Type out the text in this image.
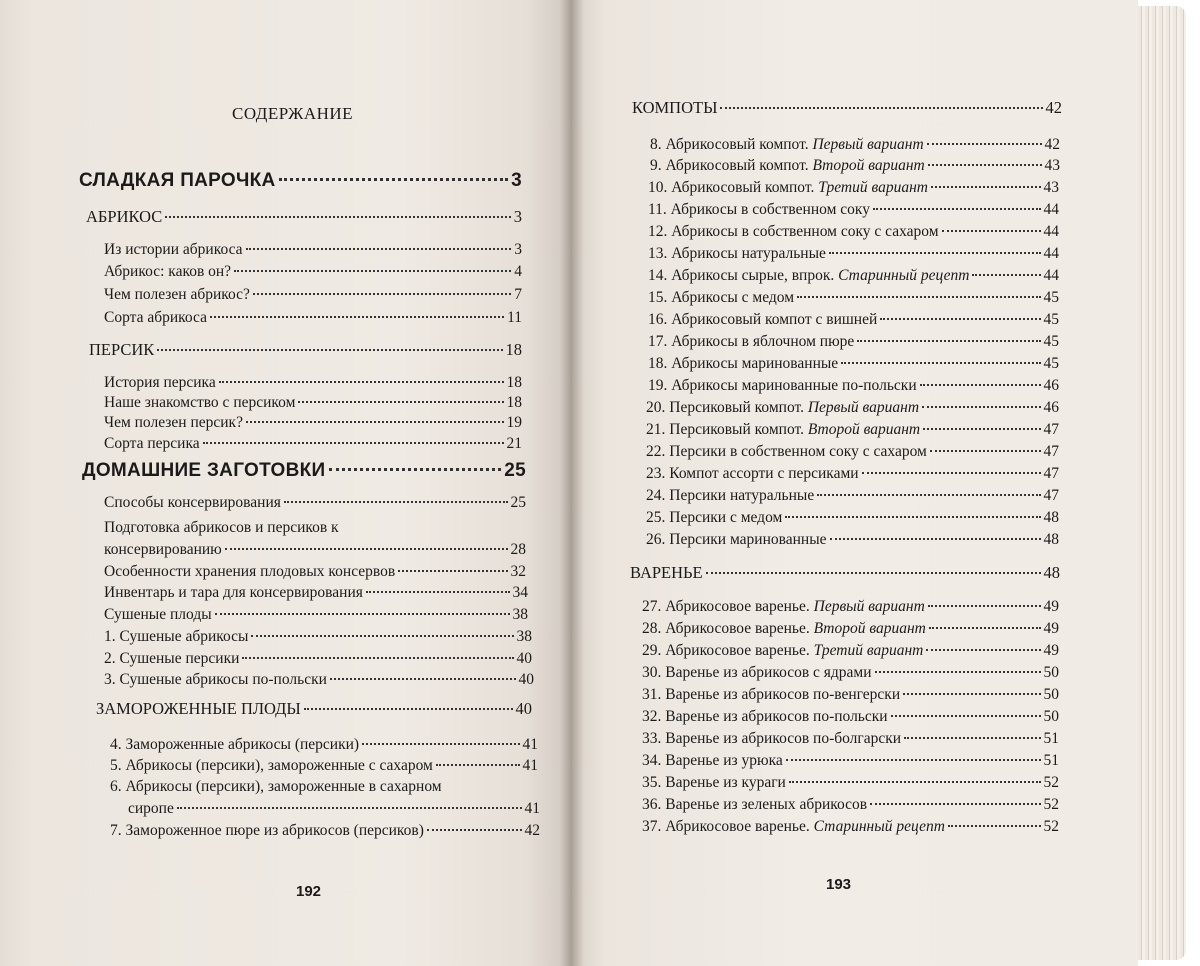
СОДЕРЖАНИЕ
СЛАДКАЯ ПАРОЧКА	3
АБРИКОС	3
Из истории абрикоса	3
Абрикос: каков он?	4
Чем полезен абрикос?	7
Сорта абрикоса	11
ПЕРСИК	18
История персика	18
Наше знакомство с персиком	18
Чем полезен персик?	19
Сорта персика	21
ДОМАШНИЕ ЗАГОТОВКИ	25
Способы консервирования	25
Подготовка абрикосов и персиков к
консервированию	28
Особенности хранения плодовых консервов	32
Инвентарь и тара для консервирования	34
Сушеные плоды	38
1. Сушеные абрикосы	38
2. Сушеные персики	40
3. Сушеные абрикосы по-польски	40
ЗАМОРОЖЕННЫЕ ПЛОДЫ	40
4. Замороженные абрикосы (персики)	41
5. Абрикосы (персики), замороженные с сахаром	41
6. Абрикосы (персики), замороженные в сахарном
сиропе	41
7. Замороженное пюре из абрикосов (персиков)	42
192
КОМПОТЫ	42
8. Абрикосовый компот. Первый вариант	42
9. Абрикосовый компот. Второй вариант	43
10. Абрикосовый компот. Третий вариант	43
11. Абрикосы в собственном соку	44
12. Абрикосы в собственном соку с сахаром	44
13. Абрикосы натуральные	44
14. Абрикосы сырые, впрок. Старинный рецепт	44
15. Абрикосы с медом	45
16. Абрикосовый компот с вишней	45
17. Абрикосы в яблочном пюре	45
18. Абрикосы маринованные	45
19. Абрикосы маринованные по-польски	46
20. Персиковый компот. Первый вариант	46
21. Персиковый компот. Второй вариант	47
22. Персики в собственном соку с сахаром	47
23. Компот ассорти с персиками	47
24. Персики натуральные	47
25. Персики с медом	48
26. Персики маринованные	48
ВАРЕНЬЕ	48
27. Абрикосовое варенье. Первый вариант	49
28. Абрикосовое варенье. Второй вариант	49
29. Абрикосовое варенье. Третий вариант	49
30. Варенье из абрикосов с ядрами	50
31. Варенье из абрикосов по-венгерски	50
32. Варенье из абрикосов по-польски	50
33. Варенье из абрикосов по-болгарски	51
34. Варенье из урюка	51
35. Варенье из кураги	52
36. Варенье из зеленых абрикосов	52
37. Абрикосовое варенье. Старинный рецепт	52
193
